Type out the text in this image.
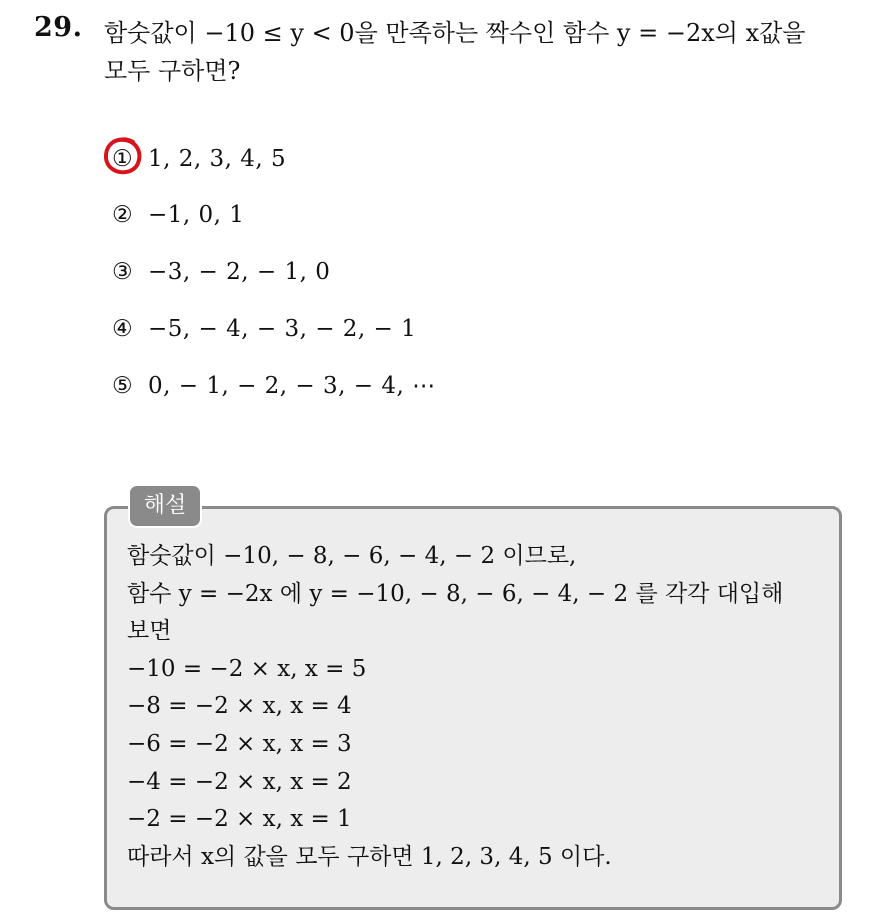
29. 함숫값이 −10 ≤ y < 0을 만족하는 짝수인 함수 y = −2x의 x값을
모두 구하면?
① 1, 2, 3, 4, 5
② −1, 0, 1
③ −3, − 2, − 1, 0
④ −5, − 4, − 3, − 2, − 1
⑤ 0, − 1, − 2, − 3, − 4, ⋯
해설
함숫값이 −10, − 8, − 6, − 4, − 2 이므로,
함수 y = −2x 에 y = −10, − 8, − 6, − 4, − 2 를 각각 대입해
보면
−10 = −2 × x, x = 5
−8 = −2 × x, x = 4
−6 = −2 × x, x = 3
−4 = −2 × x, x = 2
−2 = −2 × x, x = 1
따라서 x의 값을 모두 구하면 1, 2, 3, 4, 5 이다.
